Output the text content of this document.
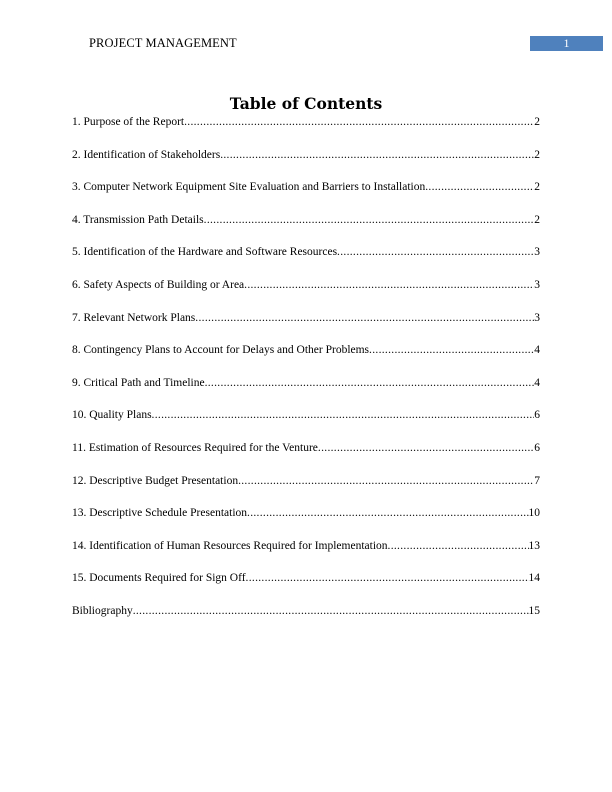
PROJECT MANAGEMENT	1
Table of Contents
1. Purpose of the Report .....	2
2. Identification of Stakeholders .....	2
3. Computer Network Equipment Site Evaluation and Barriers to Installation .....	2
4. Transmission Path Details .....	2
5. Identification of the Hardware and Software Resources .....	3
6. Safety Aspects of Building or Area .....	3
7. Relevant Network Plans .....	3
8. Contingency Plans to Account for Delays and Other Problems .....	4
9. Critical Path and Timeline .....	4
10. Quality Plans .....	6
11. Estimation of Resources Required for the Venture .....	6
12. Descriptive Budget Presentation .....	7
13. Descriptive Schedule Presentation .....	10
14. Identification of Human Resources Required for Implementation .....	13
15. Documents Required for Sign Off .....	14
Bibliography .....	15
